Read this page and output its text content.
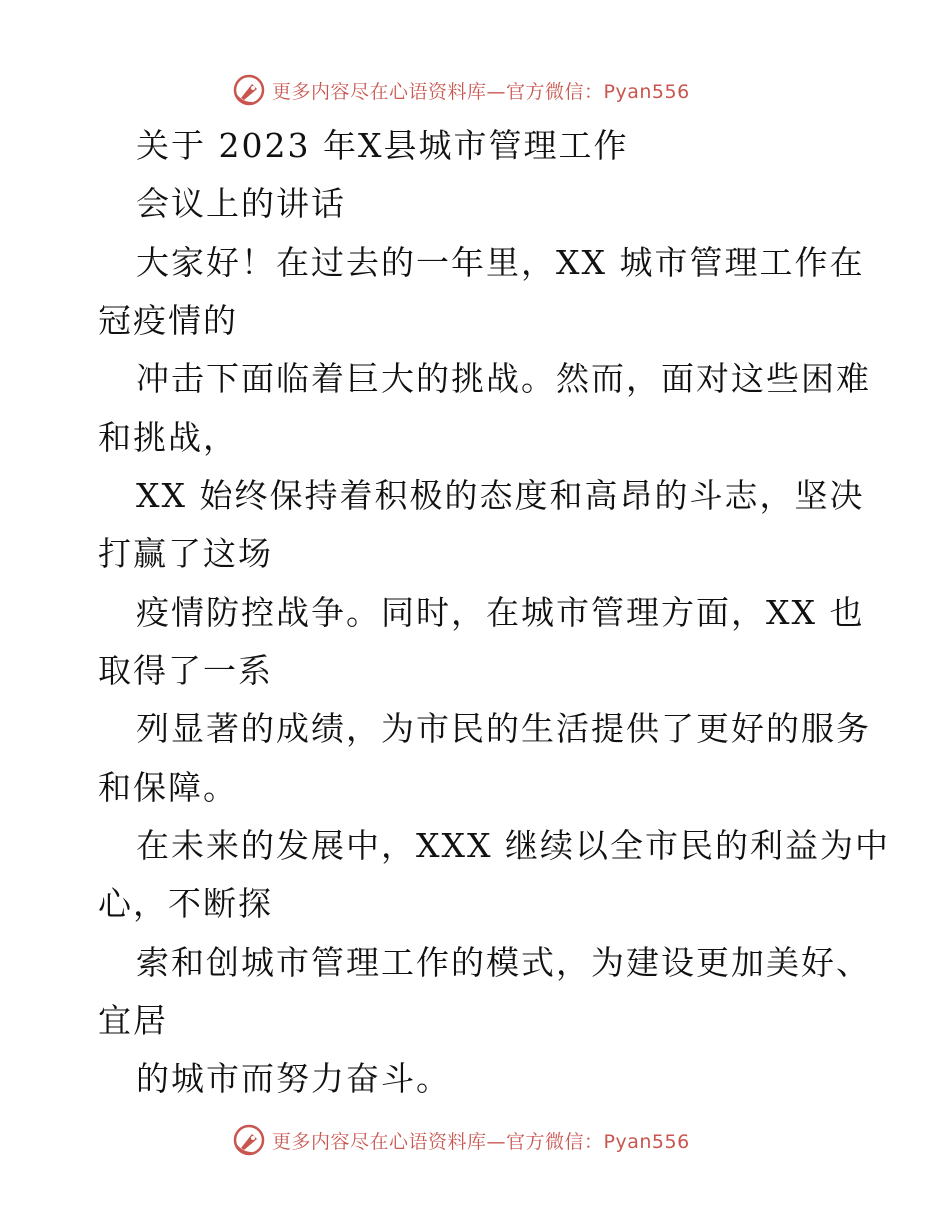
更多内容尽在心语资料库—官方微信：Pyan556
关于 2023 年X县城市管理工作
会议上的讲话
大家好！在过去的一年里，XX 城市管理工作在
冠疫情的
冲击下面临着巨大的挑战。然而，面对这些困难
和挑战，
XX 始终保持着积极的态度和高昂的斗志，坚决
打赢了这场
疫情防控战争。同时，在城市管理方面，XX 也
取得了一系
列显著的成绩，为市民的生活提供了更好的服务
和保障。
在未来的发展中，XXX 继续以全市民的利益为中
心，不断探
索和创城市管理工作的模式，为建设更加美好、
宜居
的城市而努力奋斗。
更多内容尽在心语资料库—官方微信：Pyan556
